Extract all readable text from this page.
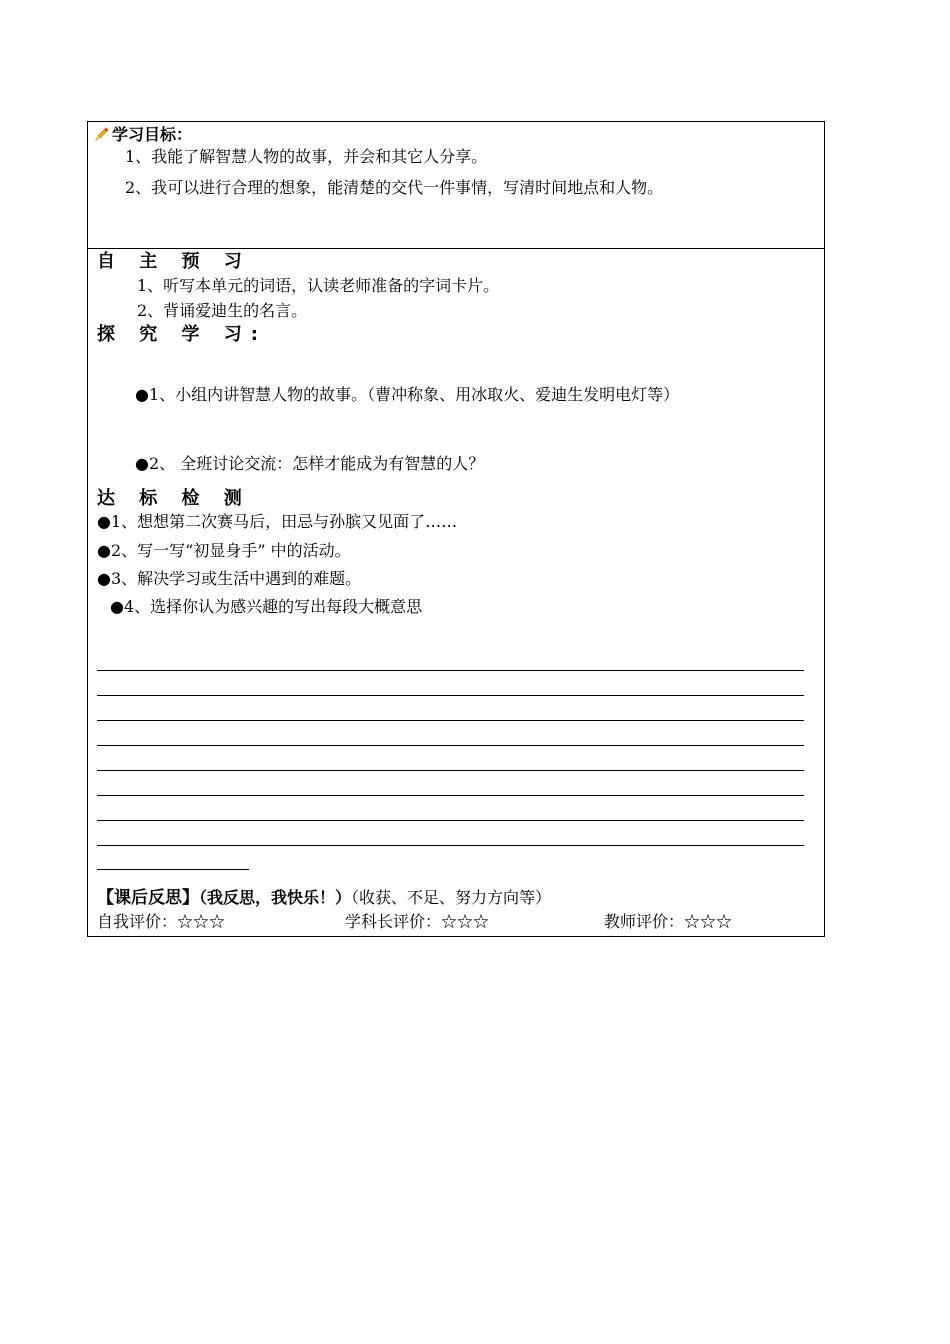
学习目标：
1、我能了解智慧人物的故事，并会和其它人分享。
2、我可以进行合理的想象，能清楚的交代一件事情，写清时间地点和人物。
自 主 预 习
1、听写本单元的词语，认读老师准备的字词卡片。
2、背诵爱迪生的名言。
探 究 学 习:
●1、小组内讲智慧人物的故事。（曹冲称象、用冰取火、爱迪生发明电灯等）
●2、 全班讨论交流：怎样才能成为有智慧的人？
达 标 检 测
●1、想想第二次赛马后，田忌与孙膑又见面了……
●2、写一写“初显身手” 中的活动。
●3、解决学习或生活中遇到的难题。
●4、选择你认为感兴趣的写出每段大概意思
【课后反思】（我反思，我快乐！）（收获、不足、努力方向等）
自我评价：☆☆☆	学科长评价：☆☆☆	教师评价：☆☆☆
